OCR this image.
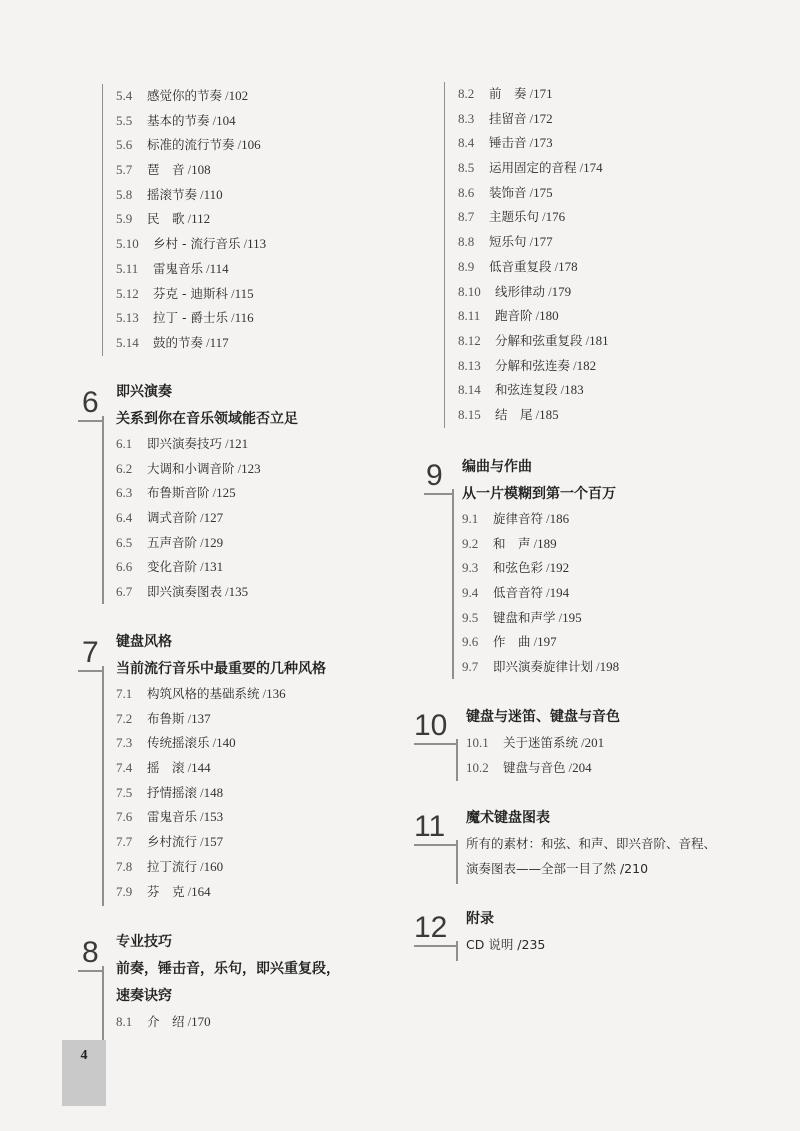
5.4 感觉你的节奏 /102
5.5 基本的节奏 /104
5.6 标准的流行节奏 /106
5.7 琶　音 /108
5.8 摇滚节奏 /110
5.9 民　歌 /112
5.10 乡村 - 流行音乐 /113
5.11 雷鬼音乐 /114
5.12 芬克 - 迪斯科 /115
5.13 拉丁 - 爵士乐 /116
5.14 鼓的节奏 /117
6 即兴演奏
关系到你在音乐领域能否立足
6.1 即兴演奏技巧 /121
6.2 大调和小调音阶 /123
6.3 布鲁斯音阶 /125
6.4 调式音阶 /127
6.5 五声音阶 /129
6.6 变化音阶 /131
6.7 即兴演奏图表 /135
7 键盘风格
当前流行音乐中最重要的几种风格
7.1 构筑风格的基础系统 /136
7.2 布鲁斯 /137
7.3 传统摇滚乐 /140
7.4 摇　滚 /144
7.5 抒情摇滚 /148
7.6 雷鬼音乐 /153
7.7 乡村流行 /157
7.8 拉丁流行 /160
7.9 芬　克 /164
8 专业技巧
前奏，锤击音，乐句，即兴重复段，
速奏诀窍
8.1 介　绍 /170
4
8.2 前　奏 /171
8.3 挂留音 /172
8.4 锤击音 /173
8.5 运用固定的音程 /174
8.6 装饰音 /175
8.7 主题乐句 /176
8.8 短乐句 /177
8.9 低音重复段 /178
8.10 线形律动 /179
8.11 跑音阶 /180
8.12 分解和弦重复段 /181
8.13 分解和弦连奏 /182
8.14 和弦连复段 /183
8.15 结　尾 /185
9 编曲与作曲
从一片模糊到第一个百万
9.1 旋律音符 /186
9.2 和　声 /189
9.3 和弦色彩 /192
9.4 低音音符 /194
9.5 键盘和声学 /195
9.6 作　曲 /197
9.7 即兴演奏旋律计划 /198
10 键盘与迷笛、键盘与音色
10.1 关于迷笛系统 /201
10.2 键盘与音色 /204
11 魔术键盘图表
所有的素材：和弦、和声、即兴音阶、音程、
演奏图表——全部一目了然 /210
12 附录
CD 说明 /235
